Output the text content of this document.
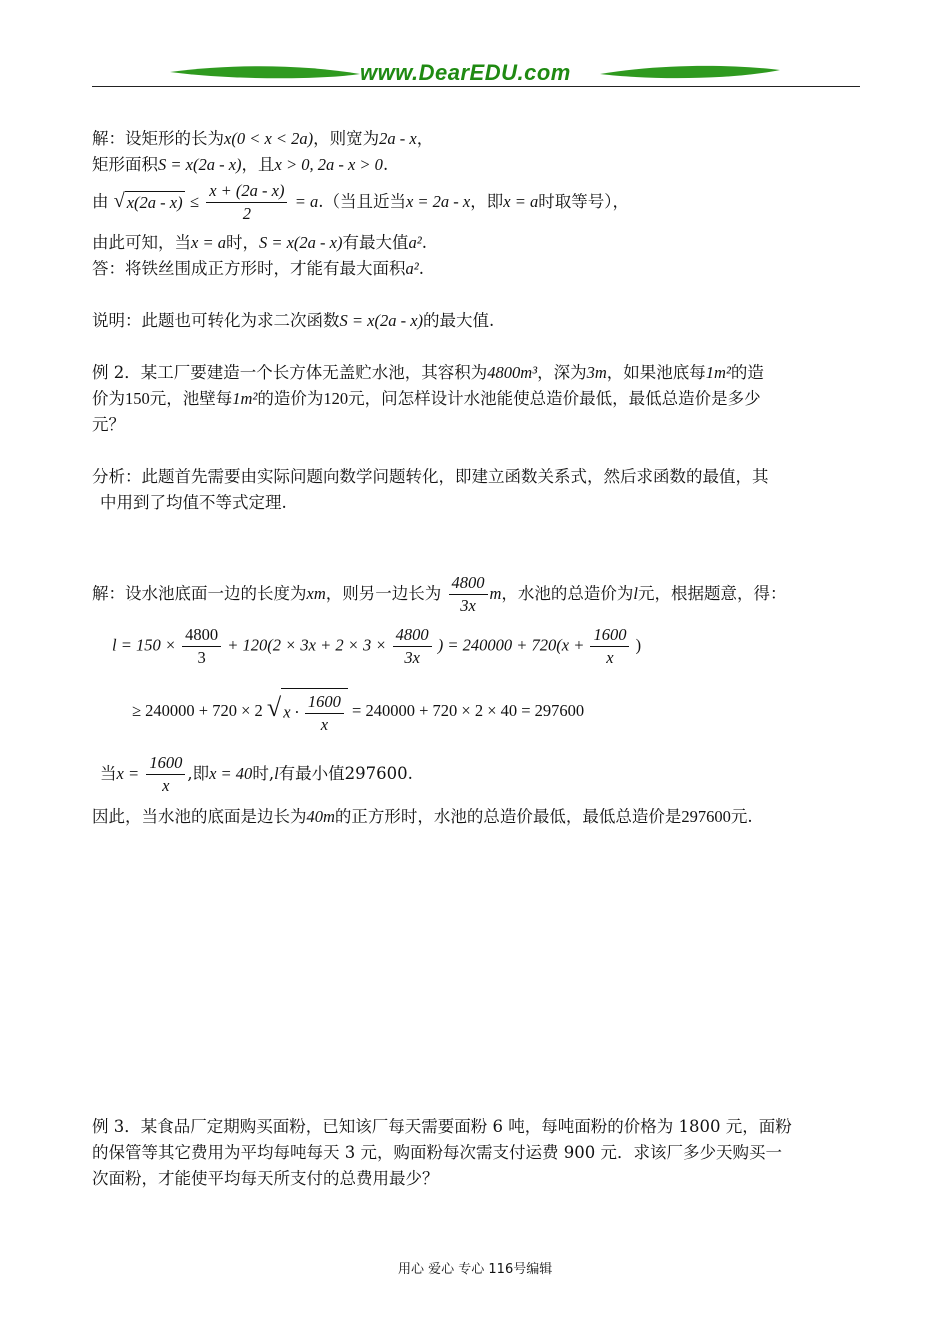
www.DearEDU.com
解：设矩形的长为x(0 < x < 2a)，则宽为2a - x，
矩形面积S = x(2a - x)，且x > 0, 2a - x > 0.
由 √ $x(2a - x) \le \frac{x + (2a - x)}{2} = a$.（当且近当x = 2a - x，即x = a时取等号），
由此可知，当x = a时，S = x(2a - x)有最大值a².
答：将铁丝围成正方形时，才能有最大面积a².
说明：此题也可转化为求二次函数S = x(2a - x)的最大值.
例 2．某工厂要建造一个长方体无盖贮水池，其容积为4800m³，深为3m，如果池底每1m²的造
价为150元，池壁每1m²的造价为120元，问怎样设计水池能使总造价最低，最低总造价是多少
元？
分析：此题首先需要由实际问题向数学问题转化，即建立函数关系式，然后求函数的最值，其
中用到了均值不等式定理.
解：设水池底面一边的长度为xm，则另一边长为 $\frac{4800}{3x}$ m，水池的总造价为l元，根据题意，得：
$l = 150 \times \frac{4800}{3} + 120(2 \times 3x + 2 \times 3 \times \frac{4800}{3x}$ ) = $240000 + 720(x + \frac{1600}{x}$ )
≥ 240000 + 720 × 2 √ $x \cdot \frac{1600}{x} = 240000 + 720 \times 2 \times 40 = 297600$
当$x = \frac{1600}{x}$ ,即x = 40时,l有最小值297600.
因此，当水池的底面是边长为40m的正方形时，水池的总造价最低，最低总造价是297600元.
例 3．某食品厂定期购买面粉，已知该厂每天需要面粉 6 吨，每吨面粉的价格为 1800 元，面粉
的保管等其它费用为平均每吨每天 3 元，购面粉每次需支付运费 900 元．求该厂多少天购买一
次面粉，才能使平均每天所支付的总费用最少？
用心 爱心 专心 116号编辑
